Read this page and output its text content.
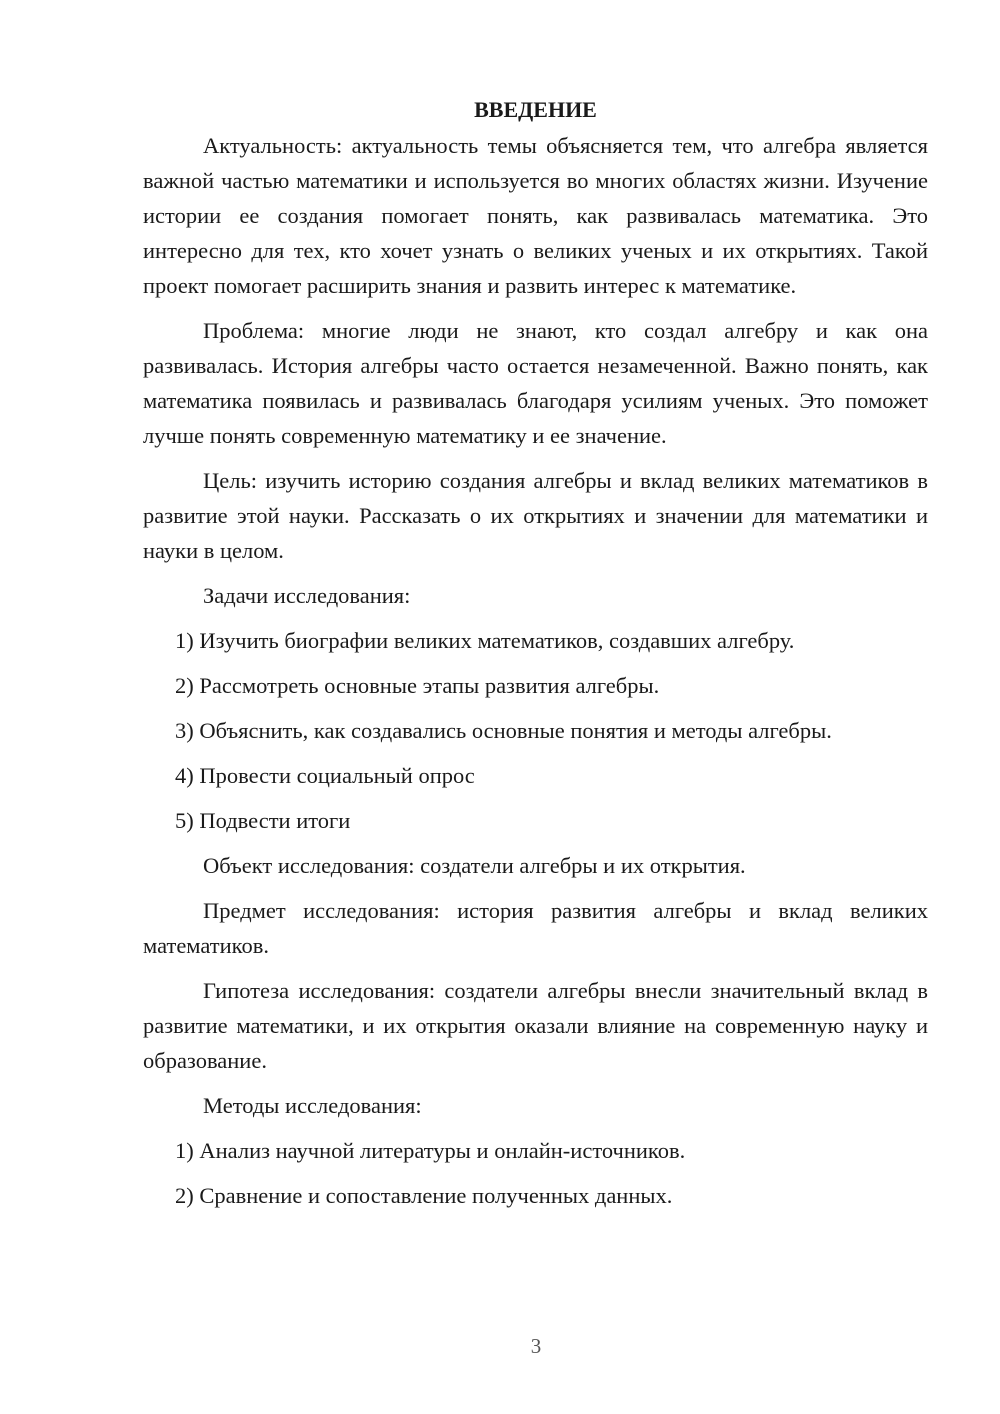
ВВЕДЕНИЕ

Актуальность: актуальность темы объясняется тем, что алгебра является важной частью математики и используется во многих областях жизни. Изучение истории ее создания помогает понять, как развивалась математика. Это интересно для тех, кто хочет узнать о великих ученых и их открытиях. Такой проект помогает расширить знания и развить интерес к математике.

Проблема: многие люди не знают, кто создал алгебру и как она развивалась. История алгебры часто остается незамеченной. Важно понять, как математика появилась и развивалась благодаря усилиям ученых. Это поможет лучше понять современную математику и ее значение.

Цель: изучить историю создания алгебры и вклад великих математиков в развитие этой науки. Рассказать о их открытиях и значении для математики и науки в целом.

Задачи исследования:

1) Изучить биографии великих математиков, создавших алгебру.
2) Рассмотреть основные этапы развития алгебры.
3) Объяснить, как создавались основные понятия и методы алгебры.
4) Провести социальный опрос
5) Подвести итоги

Объект исследования: создатели алгебры и их открытия.

Предмет исследования: история развития алгебры и вклад великих математиков.

Гипотеза исследования: создатели алгебры внесли значительный вклад в развитие математики, и их открытия оказали влияние на современную науку и образование.

Методы исследования:

1) Анализ научной литературы и онлайн-источников.
2) Сравнение и сопоставление полученных данных.
3
